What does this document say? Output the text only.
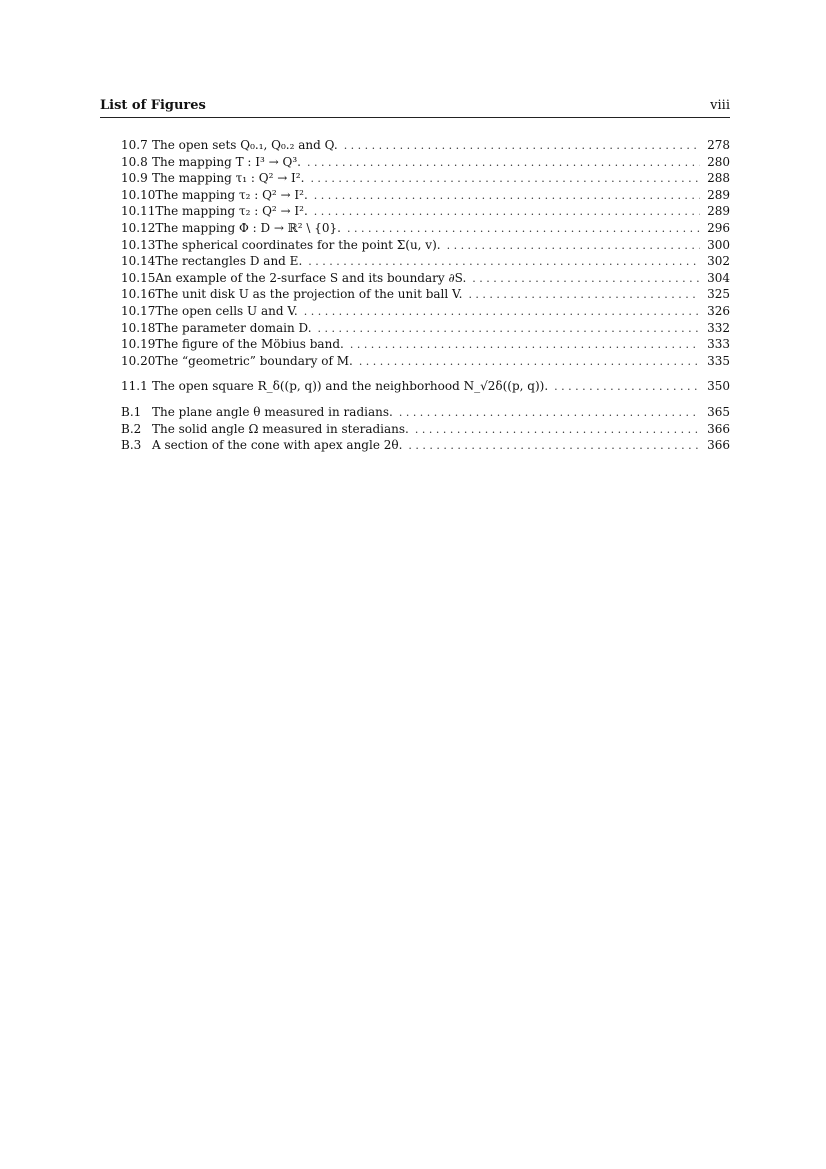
List of Figures	viii
10.7 The open sets Q₀.₁, Q₀.₂ and Q. . . .	278
10.8 The mapping T : I³ → Q³. . . .	280
10.9 The mapping τ₁ : Q² → I². . . .	288
10.10 The mapping τ₂ : Q² → I². . . .	289
10.11 The mapping τ₂ : Q² → I². . . .	289
10.12 The mapping Φ : D → ℝ² \ {0}. . . .	296
10.13 The spherical coordinates for the point Σ(u, v). . . .	300
10.14 The rectangles D and E. . . .	302
10.15 An example of the 2-surface S and its boundary ∂S. . . .	304
10.16 The unit disk U as the projection of the unit ball V. . . .	325
10.17 The open cells U and V. . . .	326
10.18 The parameter domain D. . . .	332
10.19 The figure of the Möbius band. . . .	333
10.20 The “geometric” boundary of M. . . .	335
11.1 The open square R_δ((p, q)) and the neighborhood N_√2δ((p, q)). . . .	350
B.1 The plane angle θ measured in radians. . . .	365
B.2 The solid angle Ω measured in steradians. . . .	366
B.3 A section of the cone with apex angle 2θ. . . .	366
